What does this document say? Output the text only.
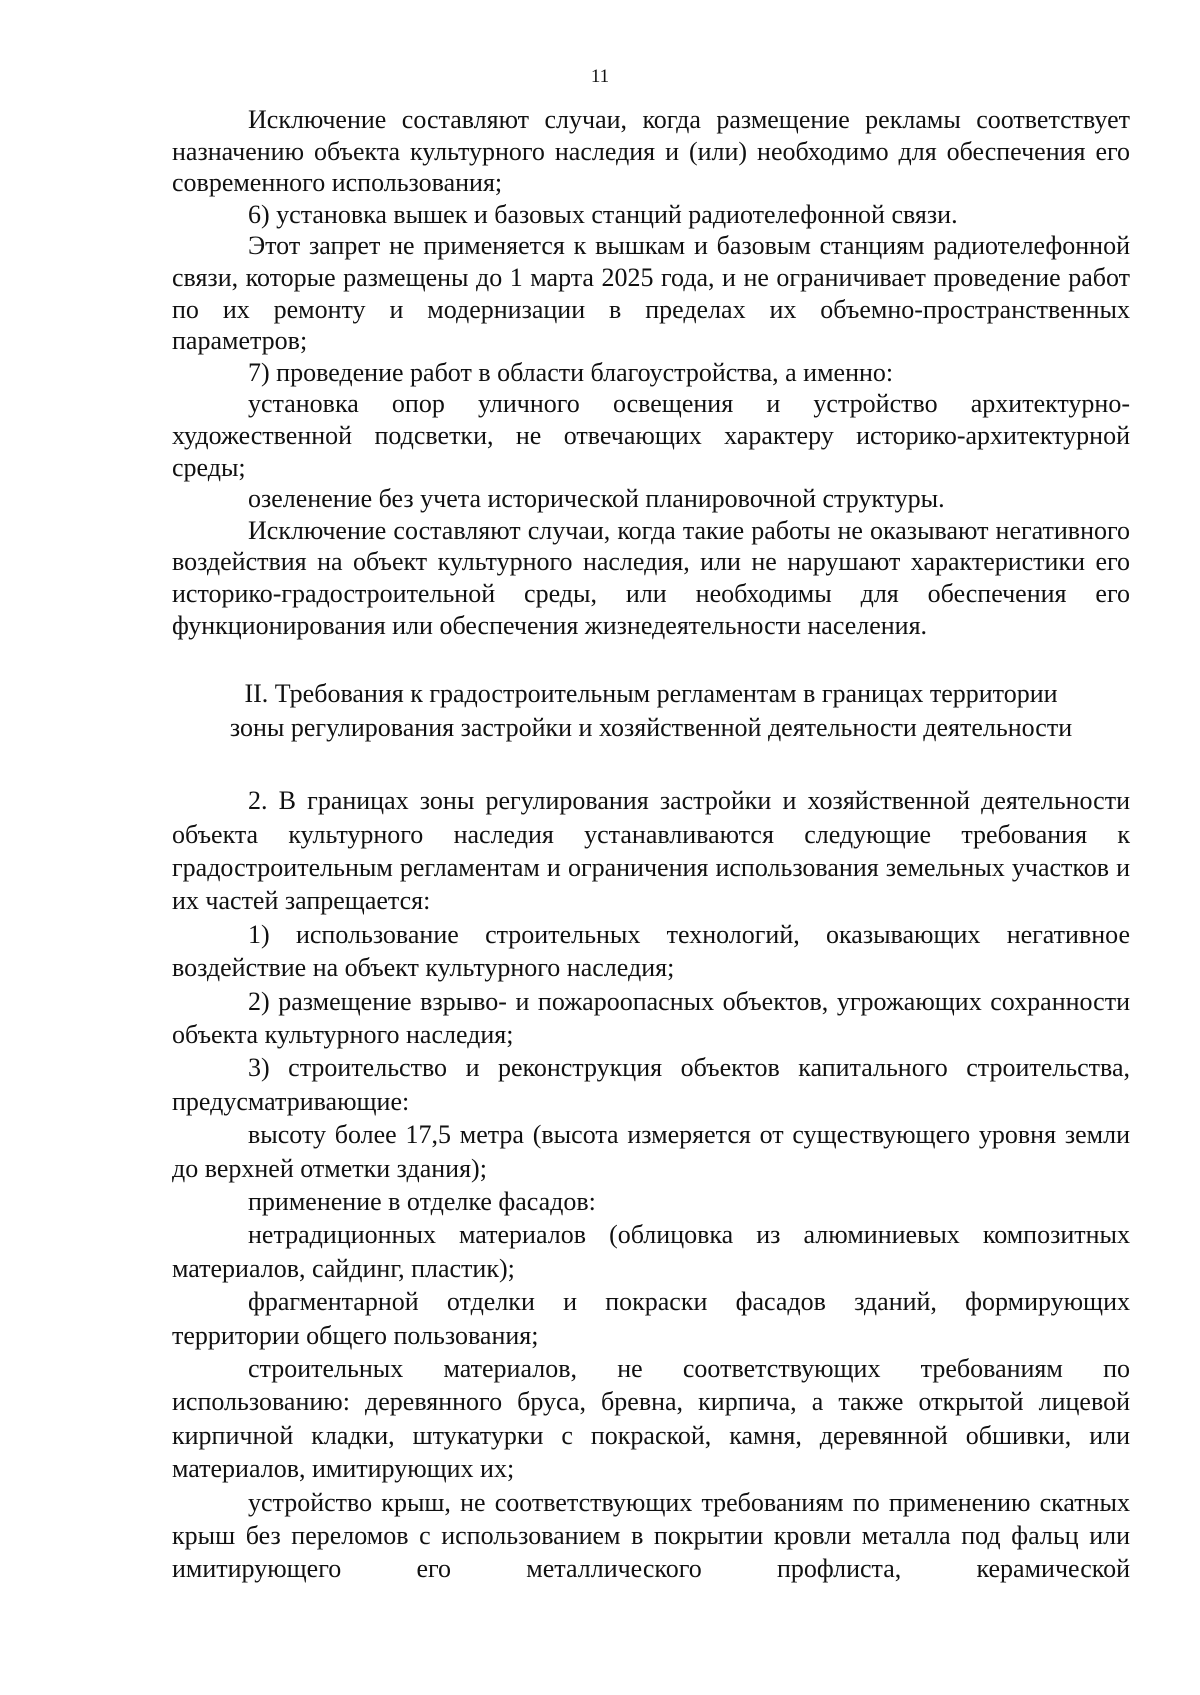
11

Исключение составляют случаи, когда размещение рекламы соответствует назначению объекта культурного наследия и (или) необходимо для обеспечения его современного использования;

6) установка вышек и базовых станций радиотелефонной связи.

Этот запрет не применяется к вышкам и базовым станциям радиотелефонной связи, которые размещены до 1 марта 2025 года, и не ограничивает проведение работ по их ремонту и модернизации в пределах их объемно-пространственных параметров;

7) проведение работ в области благоустройства, а именно:

установка опор уличного освещения и устройство архитектурно-художественной подсветки, не отвечающих характеру историко-архитектурной среды;

озеленение без учета исторической планировочной структуры.

Исключение составляют случаи, когда такие работы не оказывают негативного воздействия на объект культурного наследия, или не нарушают характеристики его историко-градостроительной среды, или необходимы для обеспечения его функционирования или обеспечения жизнедеятельности населения.

II. Требования к градостроительным регламентам в границах территории
зоны регулирования застройки и хозяйственной деятельности деятельности

2. В границах зоны регулирования застройки и хозяйственной деятельности объекта культурного наследия устанавливаются следующие требования к градостроительным регламентам и ограничения использования земельных участков и их частей запрещается:

1) использование строительных технологий, оказывающих негативное воздействие на объект культурного наследия;

2) размещение взрыво- и пожароопасных объектов, угрожающих сохранности объекта культурного наследия;

3) строительство и реконструкция объектов капитального строительства, предусматривающие:

высоту более 17,5 метра (высота измеряется от существующего уровня земли до верхней отметки здания);

применение в отделке фасадов:

нетрадиционных материалов (облицовка из алюминиевых композитных материалов, сайдинг, пластик);

фрагментарной отделки и покраски фасадов зданий, формирующих территории общего пользования;

строительных материалов, не соответствующих требованиям по использованию: деревянного бруса, бревна, кирпича, а также открытой лицевой кирпичной кладки, штукатурки с покраской, камня, деревянной обшивки, или материалов, имитирующих их;

устройство крыш, не соответствующих требованиям по применению скатных крыш без переломов с использованием в покрытии кровли металла под фальц или имитирующего его металлического профлиста, керамической
